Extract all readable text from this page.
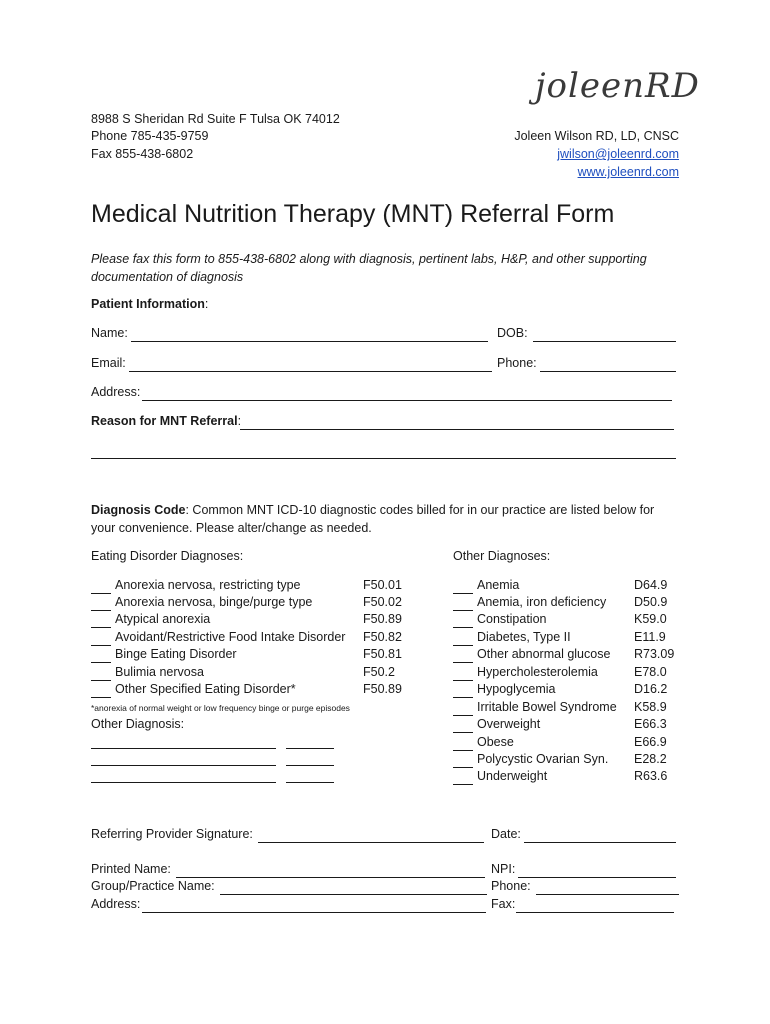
8988 S Sheridan Rd Suite F Tulsa OK 74012
Phone 785-435-9759
Fax 855-438-6802
joleenRD
Joleen Wilson RD, LD, CNSC
jwilson@joleenrd.com
www.joleenrd.com
Medical Nutrition Therapy (MNT) Referral Form
Please fax this form to 855-438-6802 along with diagnosis, pertinent labs, H&P, and other supporting documentation of diagnosis
Patient Information:
Name:	DOB:
Email:	Phone:
Address:
Reason for MNT Referral:
Diagnosis Code: Common MNT ICD-10 diagnostic codes billed for in our practice are listed below for your convenience. Please alter/change as needed.
Eating Disorder Diagnoses:	Other Diagnoses:
Anorexia nervosa, restricting type	F50.01
Anorexia nervosa, binge/purge type	F50.02
Atypical anorexia	F50.89
Avoidant/Restrictive Food Intake Disorder F50.82
Binge Eating Disorder	F50.81
Bulimia nervosa	F50.2
Other Specified Eating Disorder*	F50.89
*anorexia of normal weight or low frequency binge or purge episodes
Other Diagnosis:
Anemia	D64.9
Anemia, iron deficiency D50.9
Constipation	K59.0
Diabetes, Type II	E11.9
Other abnormal glucose R73.09
Hypercholesterolemia	E78.0
Hypoglycemia	D16.2
Irritable Bowel Syndrome K58.9
Overweight	E66.3
Obese	E66.9
Polycystic Ovarian Syn. E28.2
Underweight	R63.6
Referring Provider Signature:	Date:
Printed Name:	NPI:
Group/Practice Name:	Phone:
Address:	Fax:
